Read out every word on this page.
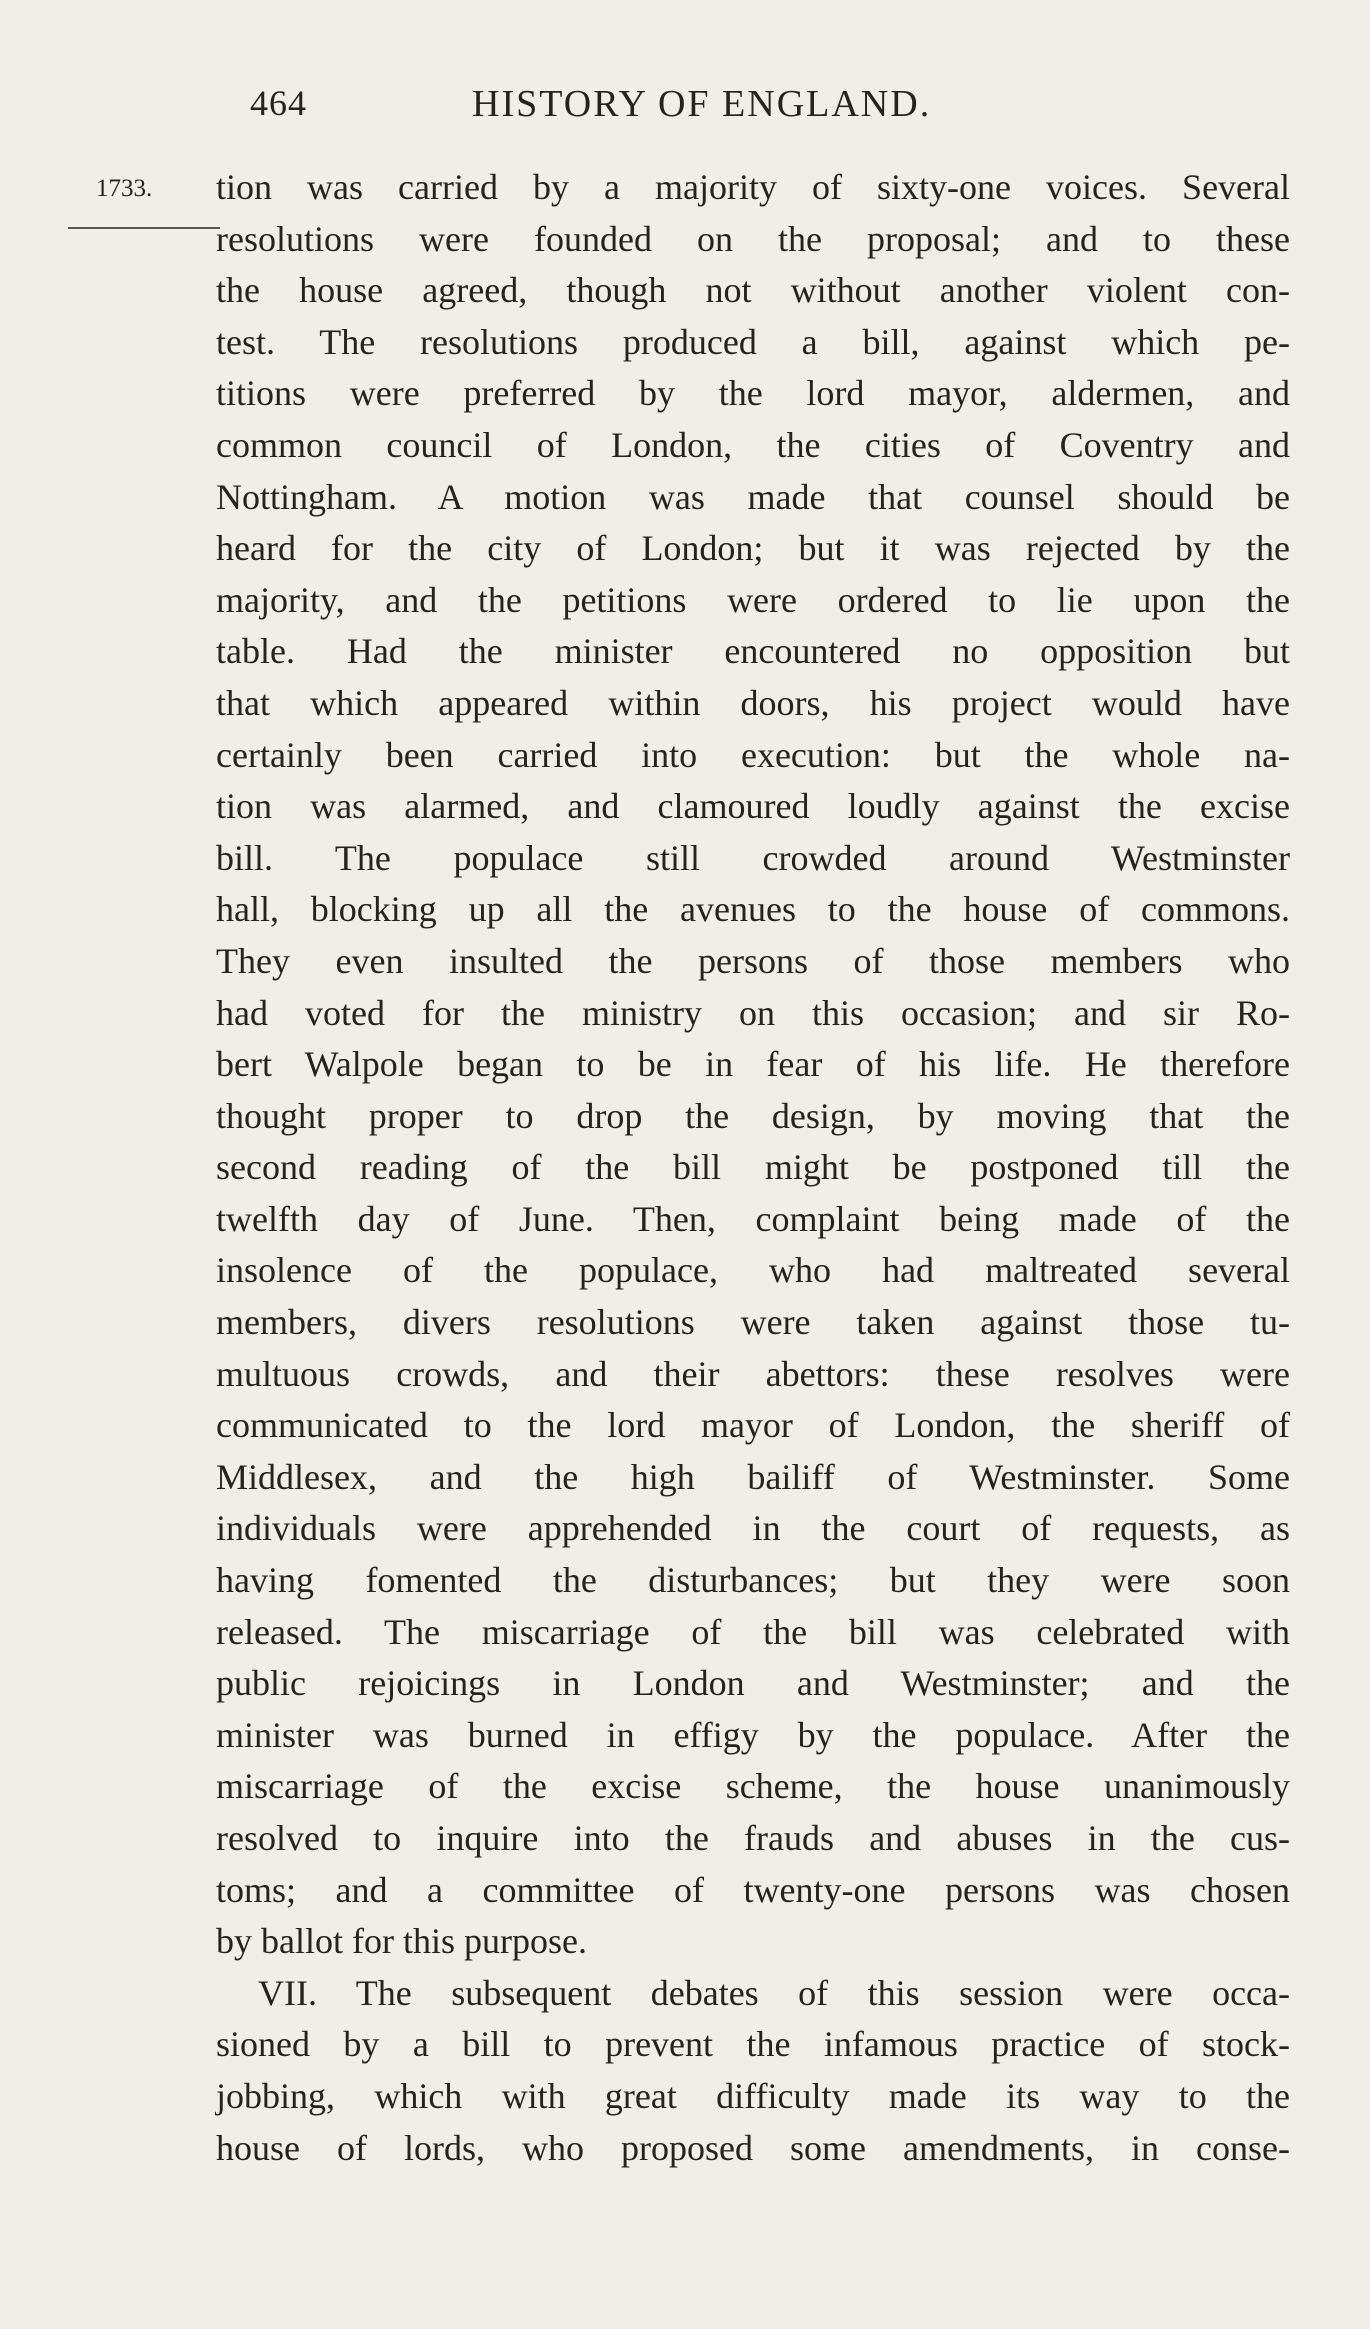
464	HISTORY OF ENGLAND.
1733. tion was carried by a majority of sixty-one voices. Several
resolutions were founded on the proposal; and to these
the house agreed, though not without another violent con-
test. The resolutions produced a bill, against which pe-
titions were preferred by the lord mayor, aldermen, and
common council of London, the cities of Coventry and
Nottingham. A motion was made that counsel should be
heard for the city of London; but it was rejected by the
majority, and the petitions were ordered to lie upon the
table. Had the minister encountered no opposition but
that which appeared within doors, his project would have
certainly been carried into execution: but the whole na-
tion was alarmed, and clamoured loudly against the excise
bill. The populace still crowded around Westminster
hall, blocking up all the avenues to the house of commons.
They even insulted the persons of those members who
had voted for the ministry on this occasion; and sir Ro-
bert Walpole began to be in fear of his life. He therefore
thought proper to drop the design, by moving that the
second reading of the bill might be postponed till the
twelfth day of June. Then, complaint being made of the
insolence of the populace, who had maltreated several
members, divers resolutions were taken against those tu-
multuous crowds, and their abettors: these resolves were
communicated to the lord mayor of London, the sheriff of
Middlesex, and the high bailiff of Westminster. Some
individuals were apprehended in the court of requests, as
having fomented the disturbances; but they were soon
released. The miscarriage of the bill was celebrated with
public rejoicings in London and Westminster; and the
minister was burned in effigy by the populace. After the
miscarriage of the excise scheme, the house unanimously
resolved to inquire into the frauds and abuses in the cus-
toms; and a committee of twenty-one persons was chosen
by ballot for this purpose.
VII. The subsequent debates of this session were occa-
sioned by a bill to prevent the infamous practice of stock-
jobbing, which with great difficulty made its way to the
house of lords, who proposed some amendments, in conse-
